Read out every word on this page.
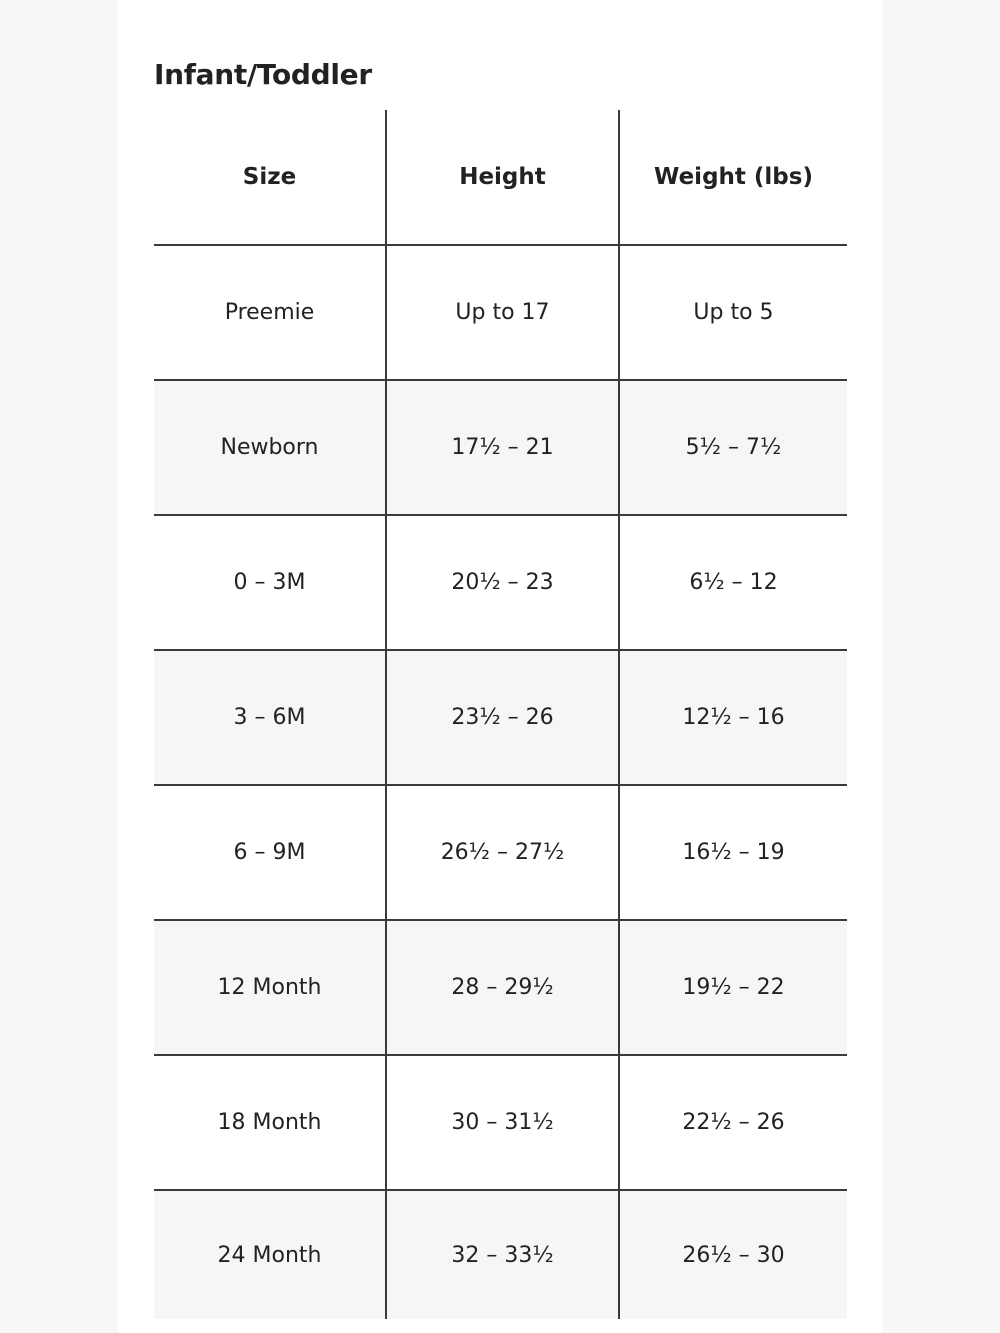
Infant/Toddler
Size	Height	Weight (lbs)
Preemie	Up to 17	Up to 5
Newborn	17½ – 21	5½ – 7½
0 – 3M	20½ – 23	6½ – 12
3 – 6M	23½ – 26	12½ – 16
6 – 9M	26½ – 27½	16½ – 19
12 Month	28 – 29½	19½ – 22
18 Month	30 – 31½	22½ – 26
24 Month	32 – 33½	26½ – 30
